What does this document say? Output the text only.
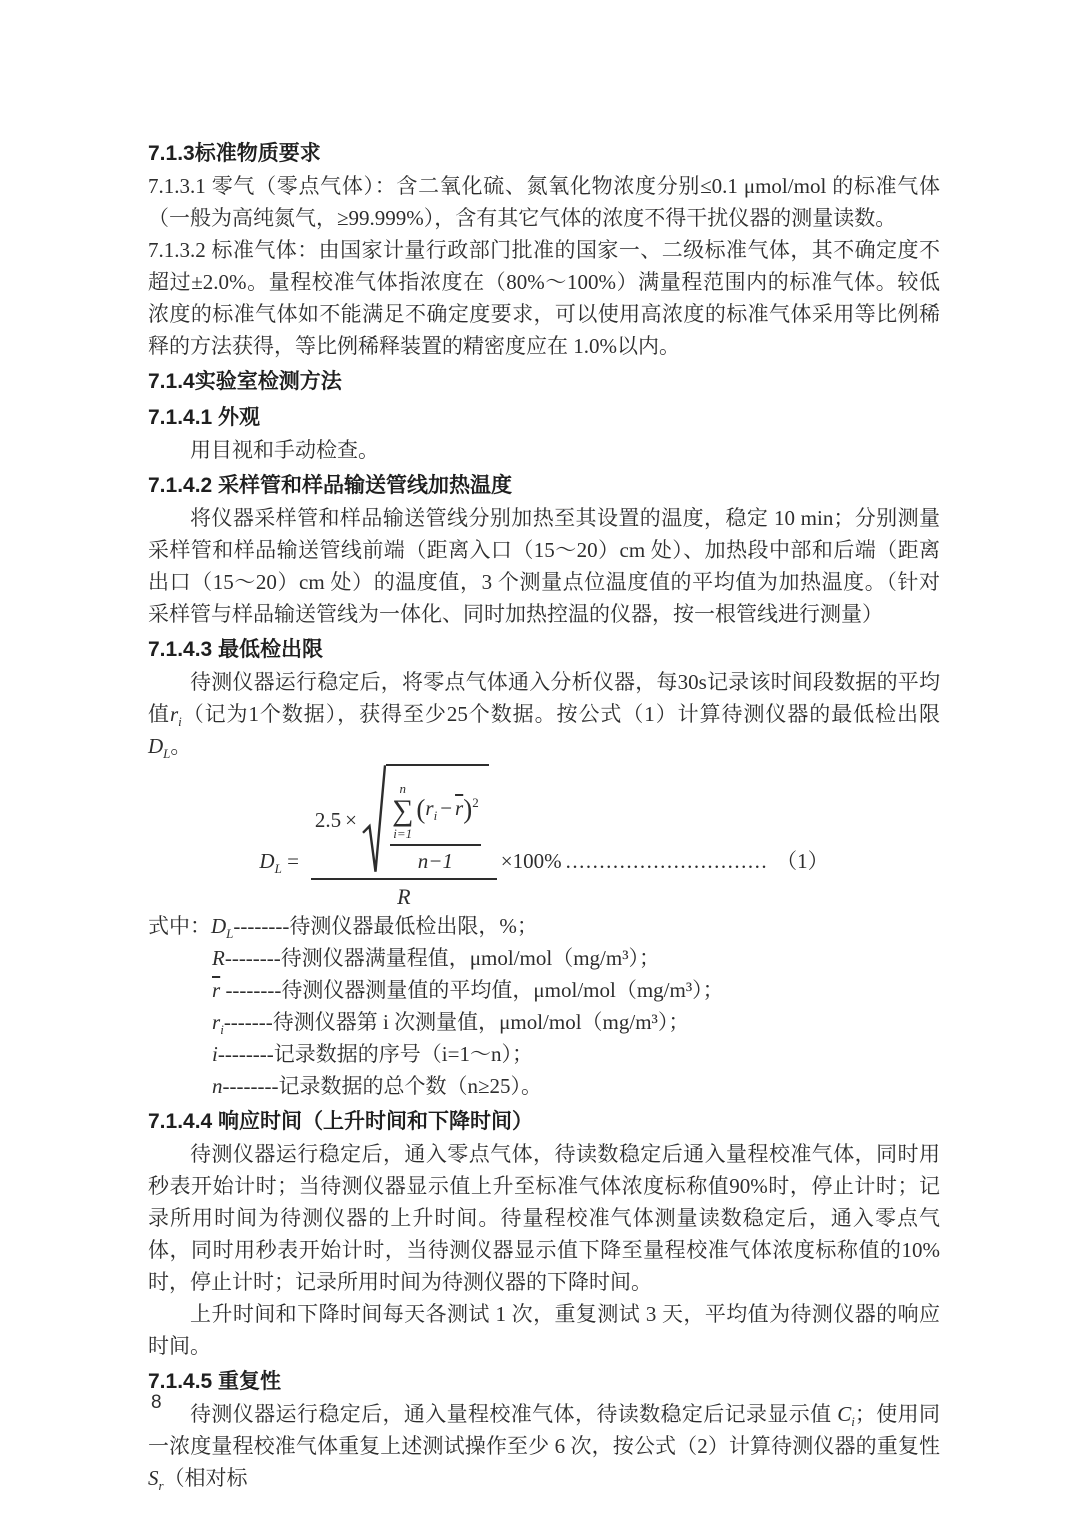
7.1.3标准物质要求

7.1.3.1 零气（零点气体）：含二氧化硫、氮氧化物浓度分别≤0.1 μmol/mol 的标准气体（一般为高纯氮气，≥99.999%），含有其它气体的浓度不得干扰仪器的测量读数。

7.1.3.2 标准气体：由国家计量行政部门批准的国家一、二级标准气体，其不确定度不超过±2.0%。量程校准气体指浓度在（80%～100%）满量程范围内的标准气体。较低浓度的标准气体如不能满足不确定度要求，可以使用高浓度的标准气体采用等比例稀释的方法获得，等比例稀释装置的精密度应在 1.0%以内。

7.1.4实验室检测方法
7.1.4.1 外观

用目视和手动检查。

7.1.4.2 采样管和样品输送管线加热温度

将仪器采样管和样品输送管线分别加热至其设置的温度，稳定 10 min；分别测量采样管和样品输送管线前端（距离入口（15～20）cm 处）、加热段中部和后端（距离出口（15～20）cm 处）的温度值，3 个测量点位温度值的平均值为加热温度。（针对采样管与样品输送管线为一体化、同时加热控温的仪器，按一根管线进行测量）

7.1.4.3 最低检出限

待测仪器运行稳定后，将零点气体通入分析仪器，每30s记录该时间段数据的平均值$r_i$（记为1个数据），获得至少25个数据。按公式（1）计算待测仪器的最低检出限$D_L$。

$D_L$ =
2.5 ×	n
∑
i=1
$(r_i - \overline{r})^2$
n−1
R
×100% .............................. （1）

式中：$D_L--------$待测仪器最低检出限，%；

R--------待测仪器满量程值，μmol/mol（mg/m³）；

$\overline{r}$ --------待测仪器测量值的平均值，μmol/mol（mg/m³）；

$r_i-------$待测仪器第 i 次测量值，μmol/mol（mg/m³）；

i--------记录数据的序号（i=1～n）；

n--------记录数据的总个数（n≥25）。

7.1.4.4 响应时间（上升时间和下降时间）

待测仪器运行稳定后，通入零点气体，待读数稳定后通入量程校准气体，同时用秒表开始计时；当待测仪器显示值上升至标准气体浓度标称值90%时，停止计时；记录所用时间为待测仪器的上升时间。待量程校准气体测量读数稳定后，通入零点气体，同时用秒表开始计时，当待测仪器显示值下降至量程校准气体浓度标称值的10%时，停止计时；记录所用时间为待测仪器的下降时间。

上升时间和下降时间每天各测试 1 次，重复测试 3 天，平均值为待测仪器的响应时间。

7.1.4.5 重复性

待测仪器运行稳定后，通入量程校准气体，待读数稳定后记录显示值 $C_i$；使用同一浓度量程校准气体重复上述测试操作至少 6 次，按公式（2）计算待测仪器的重复性 $S_r$（相对标

8
